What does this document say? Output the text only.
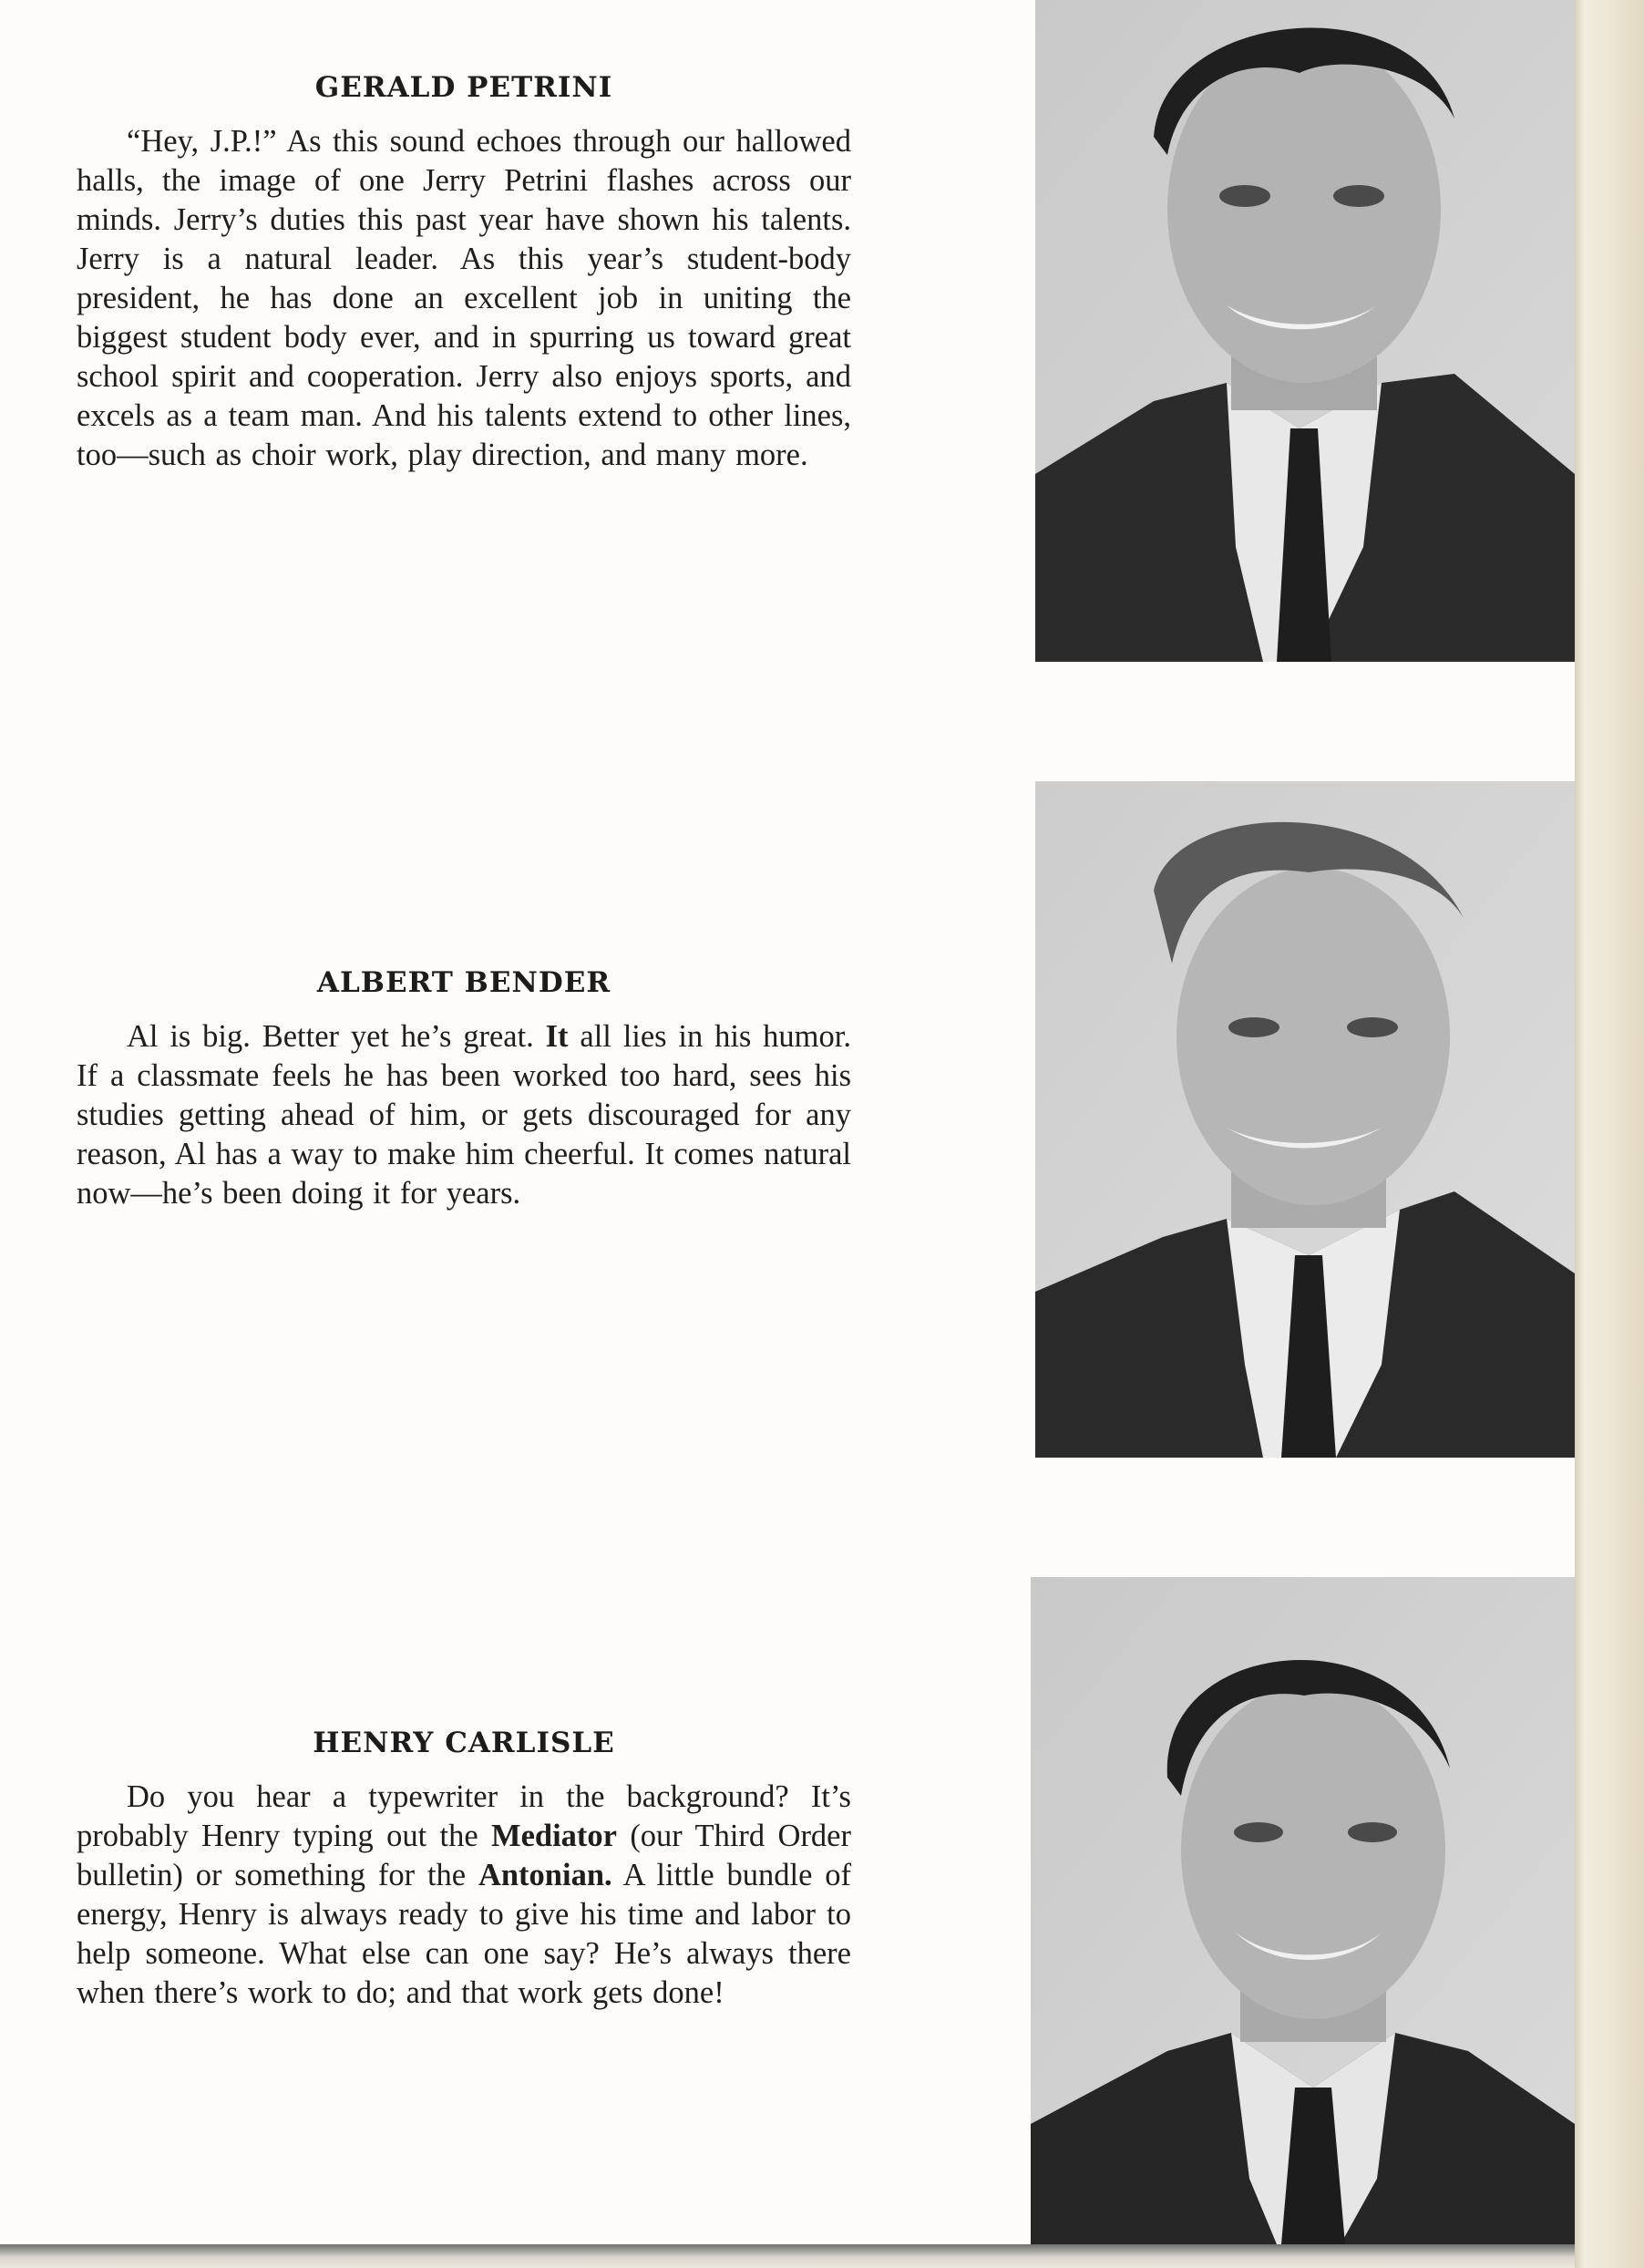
GERALD PETRINI

“Hey, J.P.!” As this sound echoes through our hallowed halls, the image of one Jerry Petrini flashes across our minds. Jerry’s duties this past year have shown his talents. Jerry is a natural leader. As this year’s student-body president, he has done an excellent job in uniting the biggest student body ever, and in spurring us toward great school spirit and cooperation. Jerry also enjoys sports, and excels as a team man. And his talents extend to other lines, too—such as choir work, play direction, and many more.

ALBERT BENDER

Al is big. Better yet he’s great. It all lies in his humor. If a classmate feels he has been worked too hard, sees his studies getting ahead of him, or gets discouraged for any reason, Al has a way to make him cheerful. It comes natural now—he’s been doing it for years.

HENRY CARLISLE

Do you hear a typewriter in the background? It’s probably Henry typing out the Mediator (our Third Order bulletin) or something for the Antonian. A little bundle of energy, Henry is always ready to give his time and labor to help someone. What else can one say? He’s always there when there’s work to do; and that work gets done!
